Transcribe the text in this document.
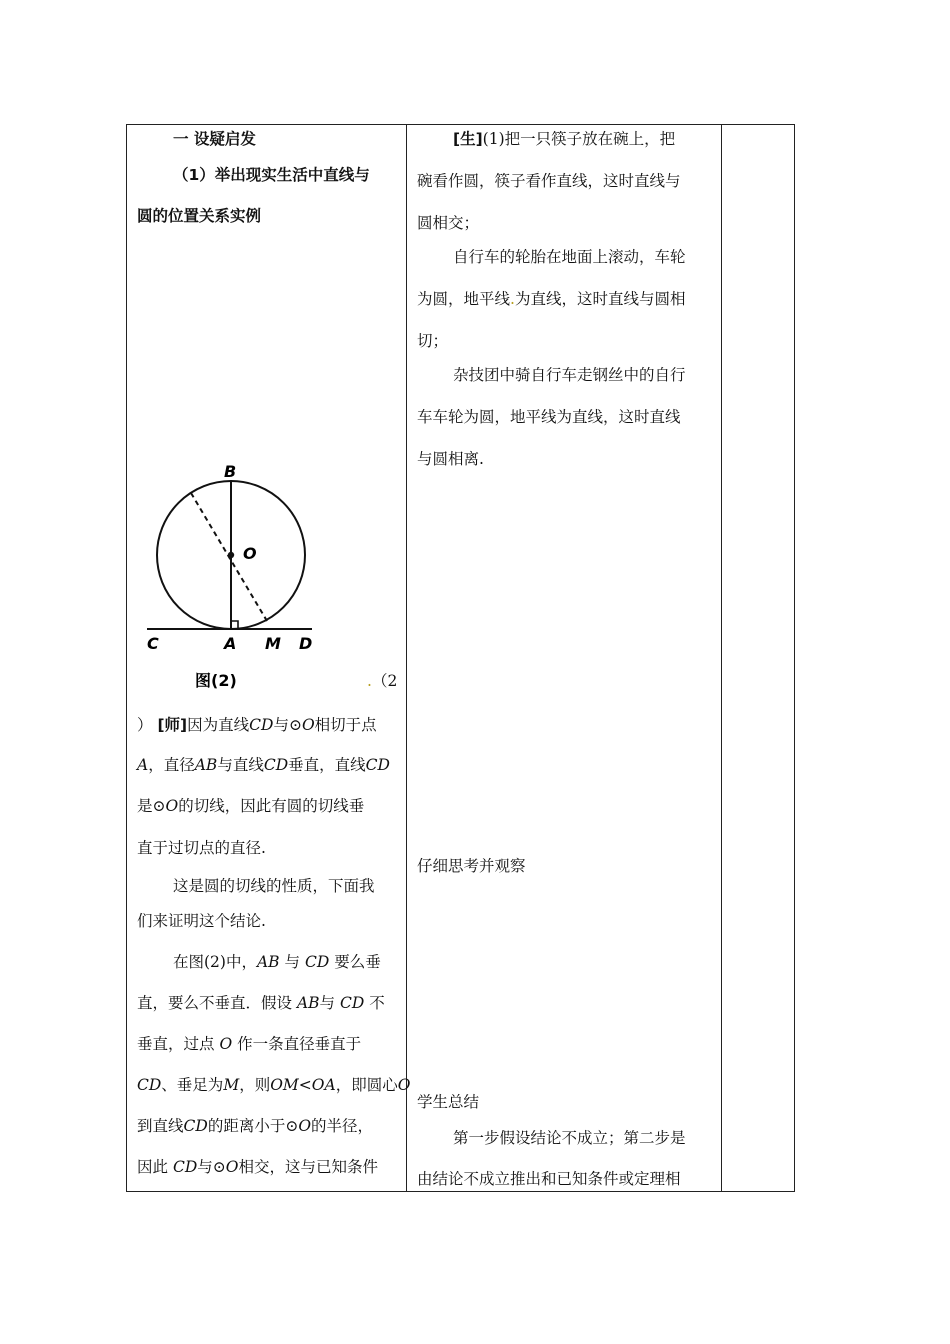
一 设疑启发
（1）举出现实生活中直线与
圆的位置关系实例
B
O
C	A M D
图(2)	.（2
） [师]因为直线CD与⊙O相切于点
A，直径AB与直线CD垂直，直线CD
是⊙O的切线，因此有圆的切线垂
直于过切点的直径.
这是圆的切线的性质，下面我
们来证明这个结论.
在图(2)中，AB 与 CD 要么垂
直，要么不垂直．假设 AB与 CD 不
垂直，过点 O 作一条直径垂直于
CD、垂足为M，则OM<OA，即圆心O
到直线CD的距离小于⊙O的半径，
因此 CD与⊙O相交，这与已知条件
[生](1)把一只筷子放在碗上，把
碗看作圆，筷子看作直线，这时直线与
圆相交；
自行车的轮胎在地面上滚动，车轮
为圆，地平线.为直线，这时直线与圆相
切；
杂技团中骑自行车走钢丝中的自行
车车轮为圆，地平线为直线，这时直线
与圆相离.
仔细思考并观察
学生总结
第一步假设结论不成立；第二步是
由结论不成立推出和已知条件或定理相
